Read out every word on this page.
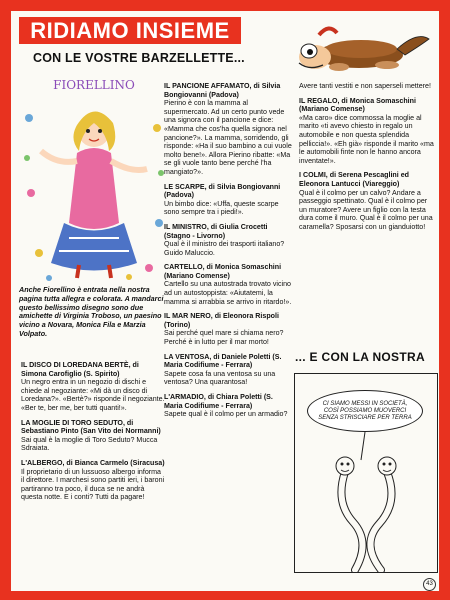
RIDIAMO INSIEME
CON LE VOSTRE BARZELLETTE...
FIORELLINO
Anche Fiorellino è entrata nella nostra pagina tutta allegra e colorata. A mandarci questo bellissimo disegno sono due amichette di Virginia Troboso, un paesino vicino a Novara, Monica Fila e Marzia Volpato.

IL DISCO DI LOREDANA BERTÈ, di Simona Carofiglio (S. Spirito)

Un negro entra in un negozio di dischi e chiede al negoziante: «Mi dà un disco di Loredana?». «Bertè?» risponde il negoziante. «Ber te, ber me, ber tutti quanti!».

LA MOGLIE DI TORO SEDUTO, di Sebastiano Pinto (San Vito dei Normanni)

Sai qual è la moglie di Toro Seduto? Mucca Sdraiata.

L'ALBERGO, di Bianca Carmelo (Siracusa)

Il proprietario di un lussuoso albergo informa il direttore. I marchesi sono partiti ieri, i baroni partiranno tra poco, il duca se ne andrà questa notte. E i conti? Tutti da pagare!

IL PANCIONE AFFAMATO, di Silvia Bongiovanni (Padova)

Pierino è con la mamma al supermercato. Ad un certo punto vede una signora con il pancione e dice: «Mamma che cos'ha quella signora nel pancione?». La mamma, sorridendo, gli risponde: «Ha il suo bambino a cui vuole molto bene!». Allora Pierino ribatte: «Ma se gli vuole tanto bene perché l'ha mangiato?».

LE SCARPE, di Silvia Bongiovanni (Padova)

Un bimbo dice: «Uffa, queste scarpe sono sempre tra i piedi!».

IL MINISTRO, di Giulia Crocetti (Stagno - Livorno)

Qual è il ministro dei trasporti italiano? Guido Maluccio.

CARTELLO, di Monica Somaschini (Mariano Comense)

Cartello su una autostrada trovato vicino ad un autostoppista: «Aiutatemi, la mamma si arrabbia se arrivo in ritardo!».

IL MAR NERO, di Eleonora Rispoli (Torino)

Sai perché quel mare si chiama nero? Perché è in lutto per il mar morto!

LA VENTOSA, di Daniele Poletti (S. Maria Codifiume - Ferrara)

Sapete cosa fa una ventosa su una ventosa? Una quarantosa!

L'ARMADIO, di Chiara Poletti (S. Maria Codifiume - Ferrara)

Sapete qual è il colmo per un armadio?

Avere tanti vestiti e non saperseli mettere!

IL REGALO, di Monica Somaschini (Mariano Comense)

«Ma caro» dice commossa la moglie al marito «ti avevo chiesto in regalo un automobile e non questa splendida pelliccia!». «Eh già» risponde il marito «ma le automobili finte non le hanno ancora inventate!».

I COLMI, di Serena Pescaglini ed Eleonora Lantucci (Viareggio)

Qual è il colmo per un calvo? Andare a passeggio spettinato. Qual è il colmo per un muratore? Avere un figlio con la testa dura come il muro. Qual è il colmo per una caramella? Sposarsi con un gianduiotto!

... E CON LA NOSTRA
CI SIAMO MESSI IN SOCIETÀ, COSÌ POSSIAMO MUOVERCI SENZA STRISCIARE PER TERRA
43
